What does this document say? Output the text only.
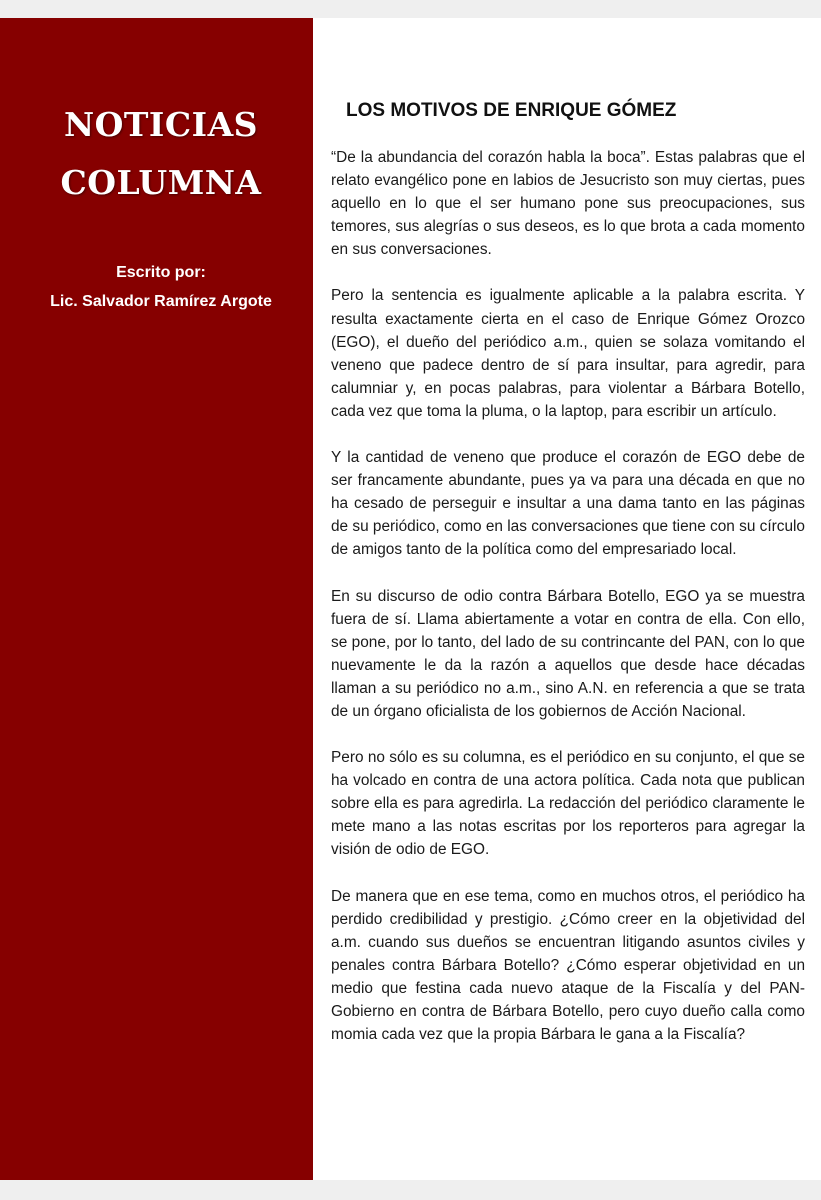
NOTICIAS
COLUMNA
Escrito por:
Lic. Salvador Ramírez Argote
LOS MOTIVOS DE ENRIQUE GÓMEZ

“De la abundancia del corazón habla la boca”. Estas palabras que el relato evangélico pone en labios de Jesucristo son muy ciertas, pues aquello en lo que el ser humano pone sus preocupaciones, sus temores, sus alegrías o sus deseos, es lo que brota a cada momento en sus conversaciones.

Pero la sentencia es igualmente aplicable a la palabra escrita. Y resulta exactamente cierta en el caso de Enrique Gómez Orozco (EGO), el dueño del periódico a.m., quien se solaza vomitando el veneno que padece dentro de sí para insultar, para agredir, para calumniar y, en pocas palabras, para violentar a Bárbara Botello, cada vez que toma la pluma, o la laptop, para escribir un artículo.

Y la cantidad de veneno que produce el corazón de EGO debe de ser francamente abundante, pues ya va para una década en que no ha cesado de perseguir e insultar a una dama tanto en las páginas de su periódico, como en las conversaciones que tiene con su círculo de amigos tanto de la política como del empresariado local.

En su discurso de odio contra Bárbara Botello, EGO ya se muestra fuera de sí. Llama abiertamente a votar en contra de ella. Con ello, se pone, por lo tanto, del lado de su contrincante del PAN, con lo que nuevamente le da la razón a aquellos que desde hace décadas llaman a su periódico no a.m., sino A.N. en referencia a que se trata de un órgano oficialista de los gobiernos de Acción Nacional.

Pero no sólo es su columna, es el periódico en su conjunto, el que se ha volcado en contra de una actora política. Cada nota que publican sobre ella es para agredirla. La redacción del periódico claramente le mete mano a las notas escritas por los reporteros para agregar la visión de odio de EGO.

De manera que en ese tema, como en muchos otros, el periódico ha perdido credibilidad y prestigio. ¿Cómo creer en la objetividad del a.m. cuando sus dueños se encuentran litigando asuntos civiles y penales contra Bárbara Botello? ¿Cómo esperar objetividad en un medio que festina cada nuevo ataque de la Fiscalía y del PAN-Gobierno en contra de Bárbara Botello, pero cuyo dueño calla como momia cada vez que la propia Bárbara le gana a la Fiscalía?
